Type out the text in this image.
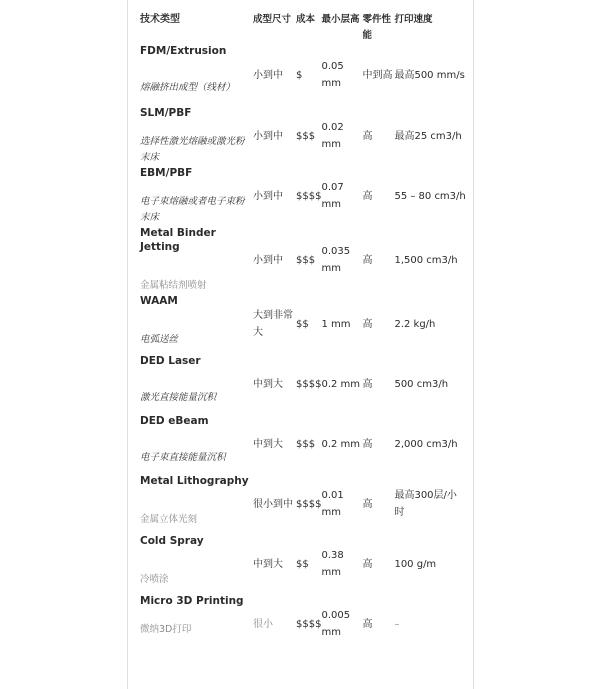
技术类型	成型尺寸	成本	最小层高	零件性能	打印速度

FDM/Extrusion
熔融挤出成型（线材）	小到中	$	0.05 mm	中到高	最高500 mm/s

SLM/PBF
选择性激光熔融或激光粉末床	小到中	$$$	0.02 mm	高	最高25 cm3/h

EBM/PBF
电子束熔融或者电子束粉末床	小到中	$$$$	0.07 mm	高	55 – 80 cm3/h

Metal Binder Jetting
金属粘结剂喷射	小到中	$$$	0.035 mm	高	1,500 cm3/h

WAAM
电弧送丝	大到非常大	$$	1 mm	高	2.2 kg/h

DED Laser
激光直接能量沉积	中到大	$$$$	0.2 mm	高	500 cm3/h

DED eBeam
电子束直接能量沉积	中到大	$$$	0.2 mm	高	2,000 cm3/h

Metal Lithography
金属立体光刻	很小到中	$$$$	0.01 mm	高	最高300层/小时

Cold Spray
冷喷涂	中到大	$$	0.38 mm	高	100 g/m

Micro 3D Printing
微纳3D打印	很小	$$$$	0.005 mm	高	–
